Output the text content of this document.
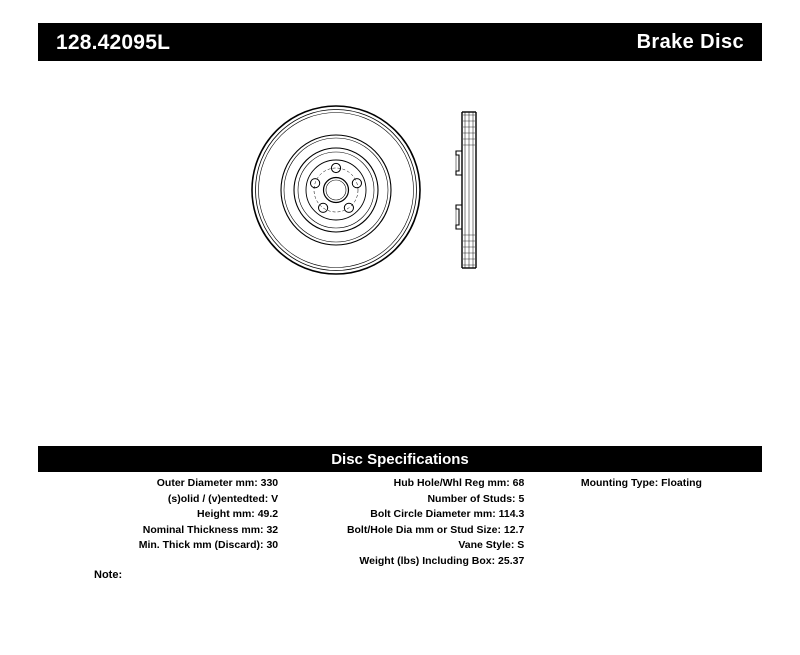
128.42095L	Brake Disc
Disc Specifications
Outer Diameter mm: 330
(s)olid / (v)entedted: V
Height mm: 49.2
Nominal Thickness mm: 32
Min. Thick mm (Discard): 30
Hub Hole/Whl Reg mm: 68
Number of Studs: 5
Bolt Circle Diameter mm: 114.3
Bolt/Hole Dia mm or Stud Size: 12.7
Vane Style: S
Weight (lbs) Including Box: 25.37
Mounting Type: Floating
Note:
